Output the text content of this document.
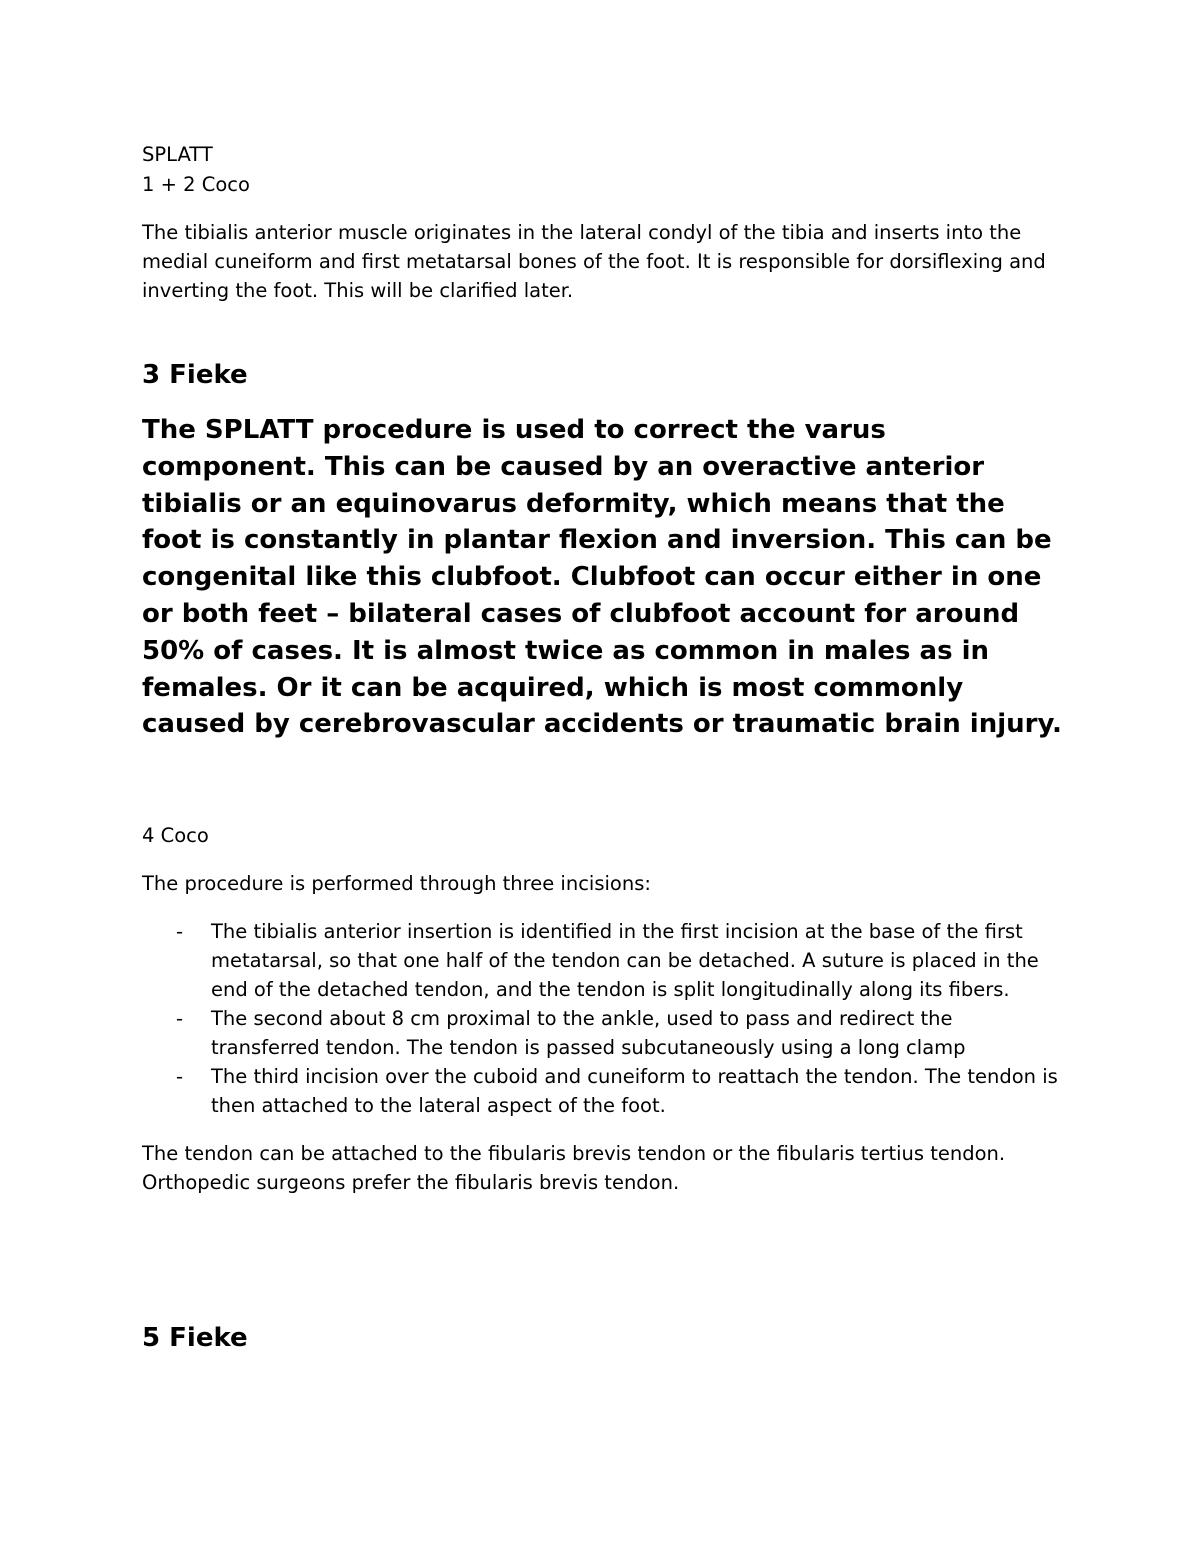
SPLATT

1 + 2 Coco

The tibialis anterior muscle originates in the lateral condyl of the tibia and inserts into the medial cuneiform and first metatarsal bones of the foot. It is responsible for dorsiflexing and inverting the foot. This will be clarified later.

3 Fieke

The SPLATT procedure is used to correct the varus component. This can be caused by an overactive anterior tibialis or an equinovarus deformity, which means that the foot is constantly in plantar flexion and inversion. This can be congenital like this clubfoot. Clubfoot can occur either in one or both feet – bilateral cases of clubfoot account for around 50% of cases. It is almost twice as common in males as in females. Or it can be acquired, which is most commonly caused by cerebrovascular accidents or traumatic brain injury.

4 Coco

The procedure is performed through three incisions:

- The tibialis anterior insertion is identified in the first incision at the base of the first metatarsal, so that one half of the tendon can be detached. A suture is placed in the end of the detached tendon, and the tendon is split longitudinally along its fibers.
- The second about 8 cm proximal to the ankle, used to pass and redirect the transferred tendon. The tendon is passed subcutaneously using a long clamp
- The third incision over the cuboid and cuneiform to reattach the tendon. The tendon is then attached to the lateral aspect of the foot.

The tendon can be attached to the fibularis brevis tendon or the fibularis tertius tendon. Orthopedic surgeons prefer the fibularis brevis tendon.

5 Fieke
